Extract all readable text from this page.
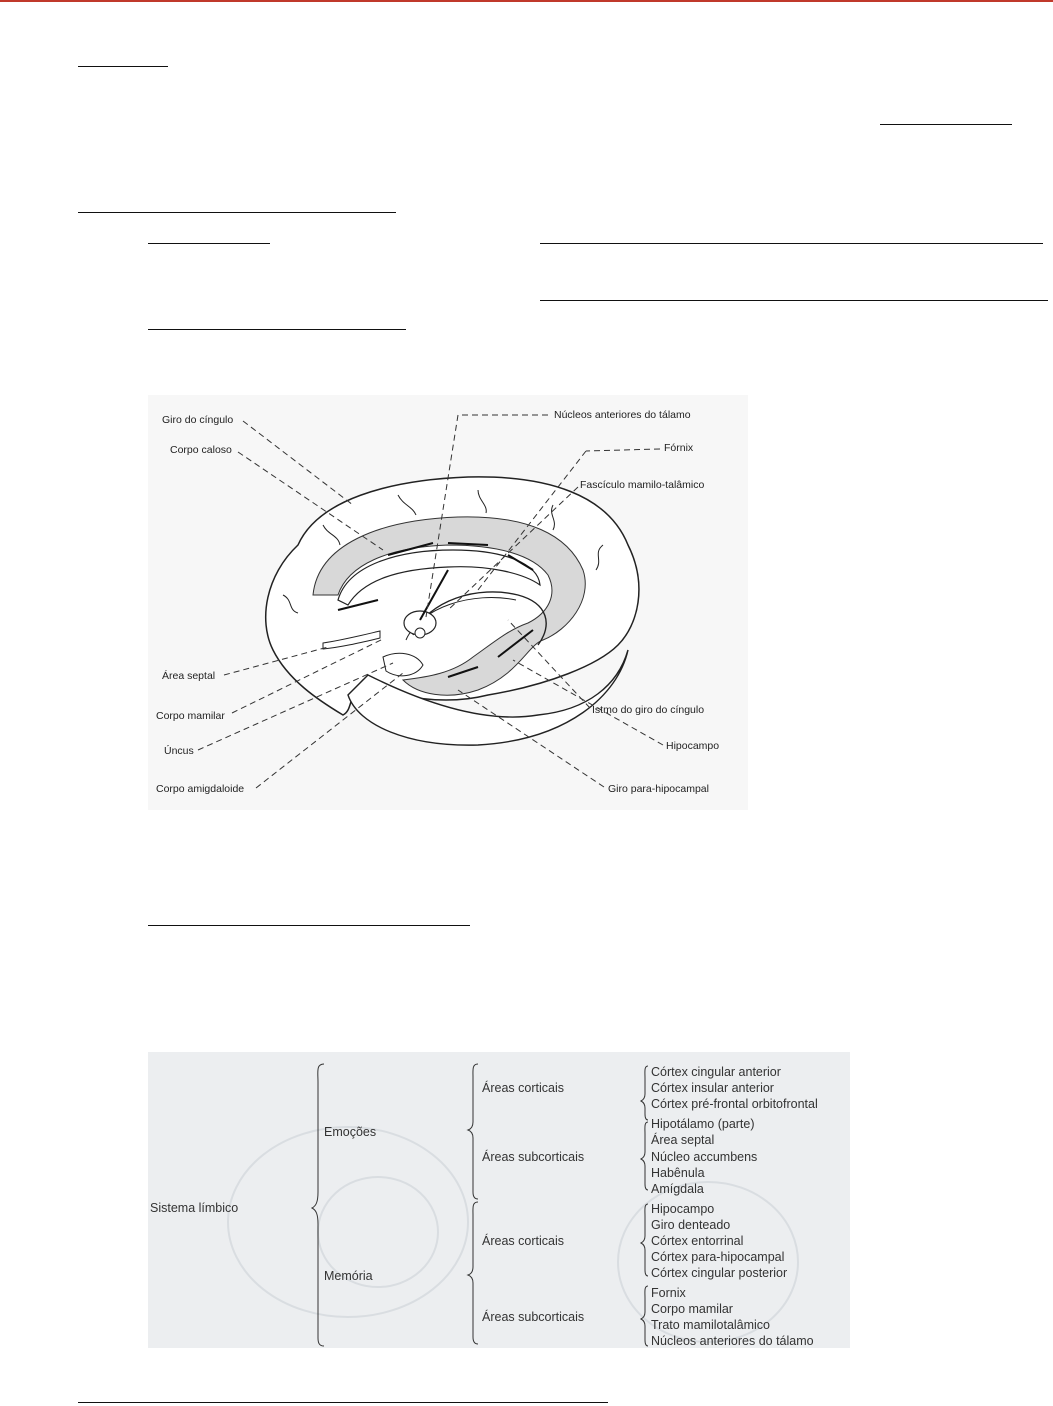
Giro do cíngulo
Corpo caloso
Núcleos anteriores do tálamo
Fórnix
Fascículo mamilo-talâmico
Área septal
Corpo mamilar
Úncus
Corpo amigdaloide
Istmo do giro do cíngulo
Hipocampo
Giro para-hipocampal
Sistema límbico
Emoções
Memória
Áreas corticais
Áreas subcorticais
Áreas corticais
Áreas subcorticais
Córtex cingular anterior
Córtex insular anterior
Córtex pré-frontal orbitofrontal
Hipotálamo (parte)
Área septal
Núcleo accumbens
Habênula
Amígdala
Hipocampo
Giro denteado
Córtex entorrinal
Córtex para-hipocampal
Córtex cingular posterior
Fornix
Corpo mamilar
Trato mamilotalâmico
Núcleos anteriores do tálamo
